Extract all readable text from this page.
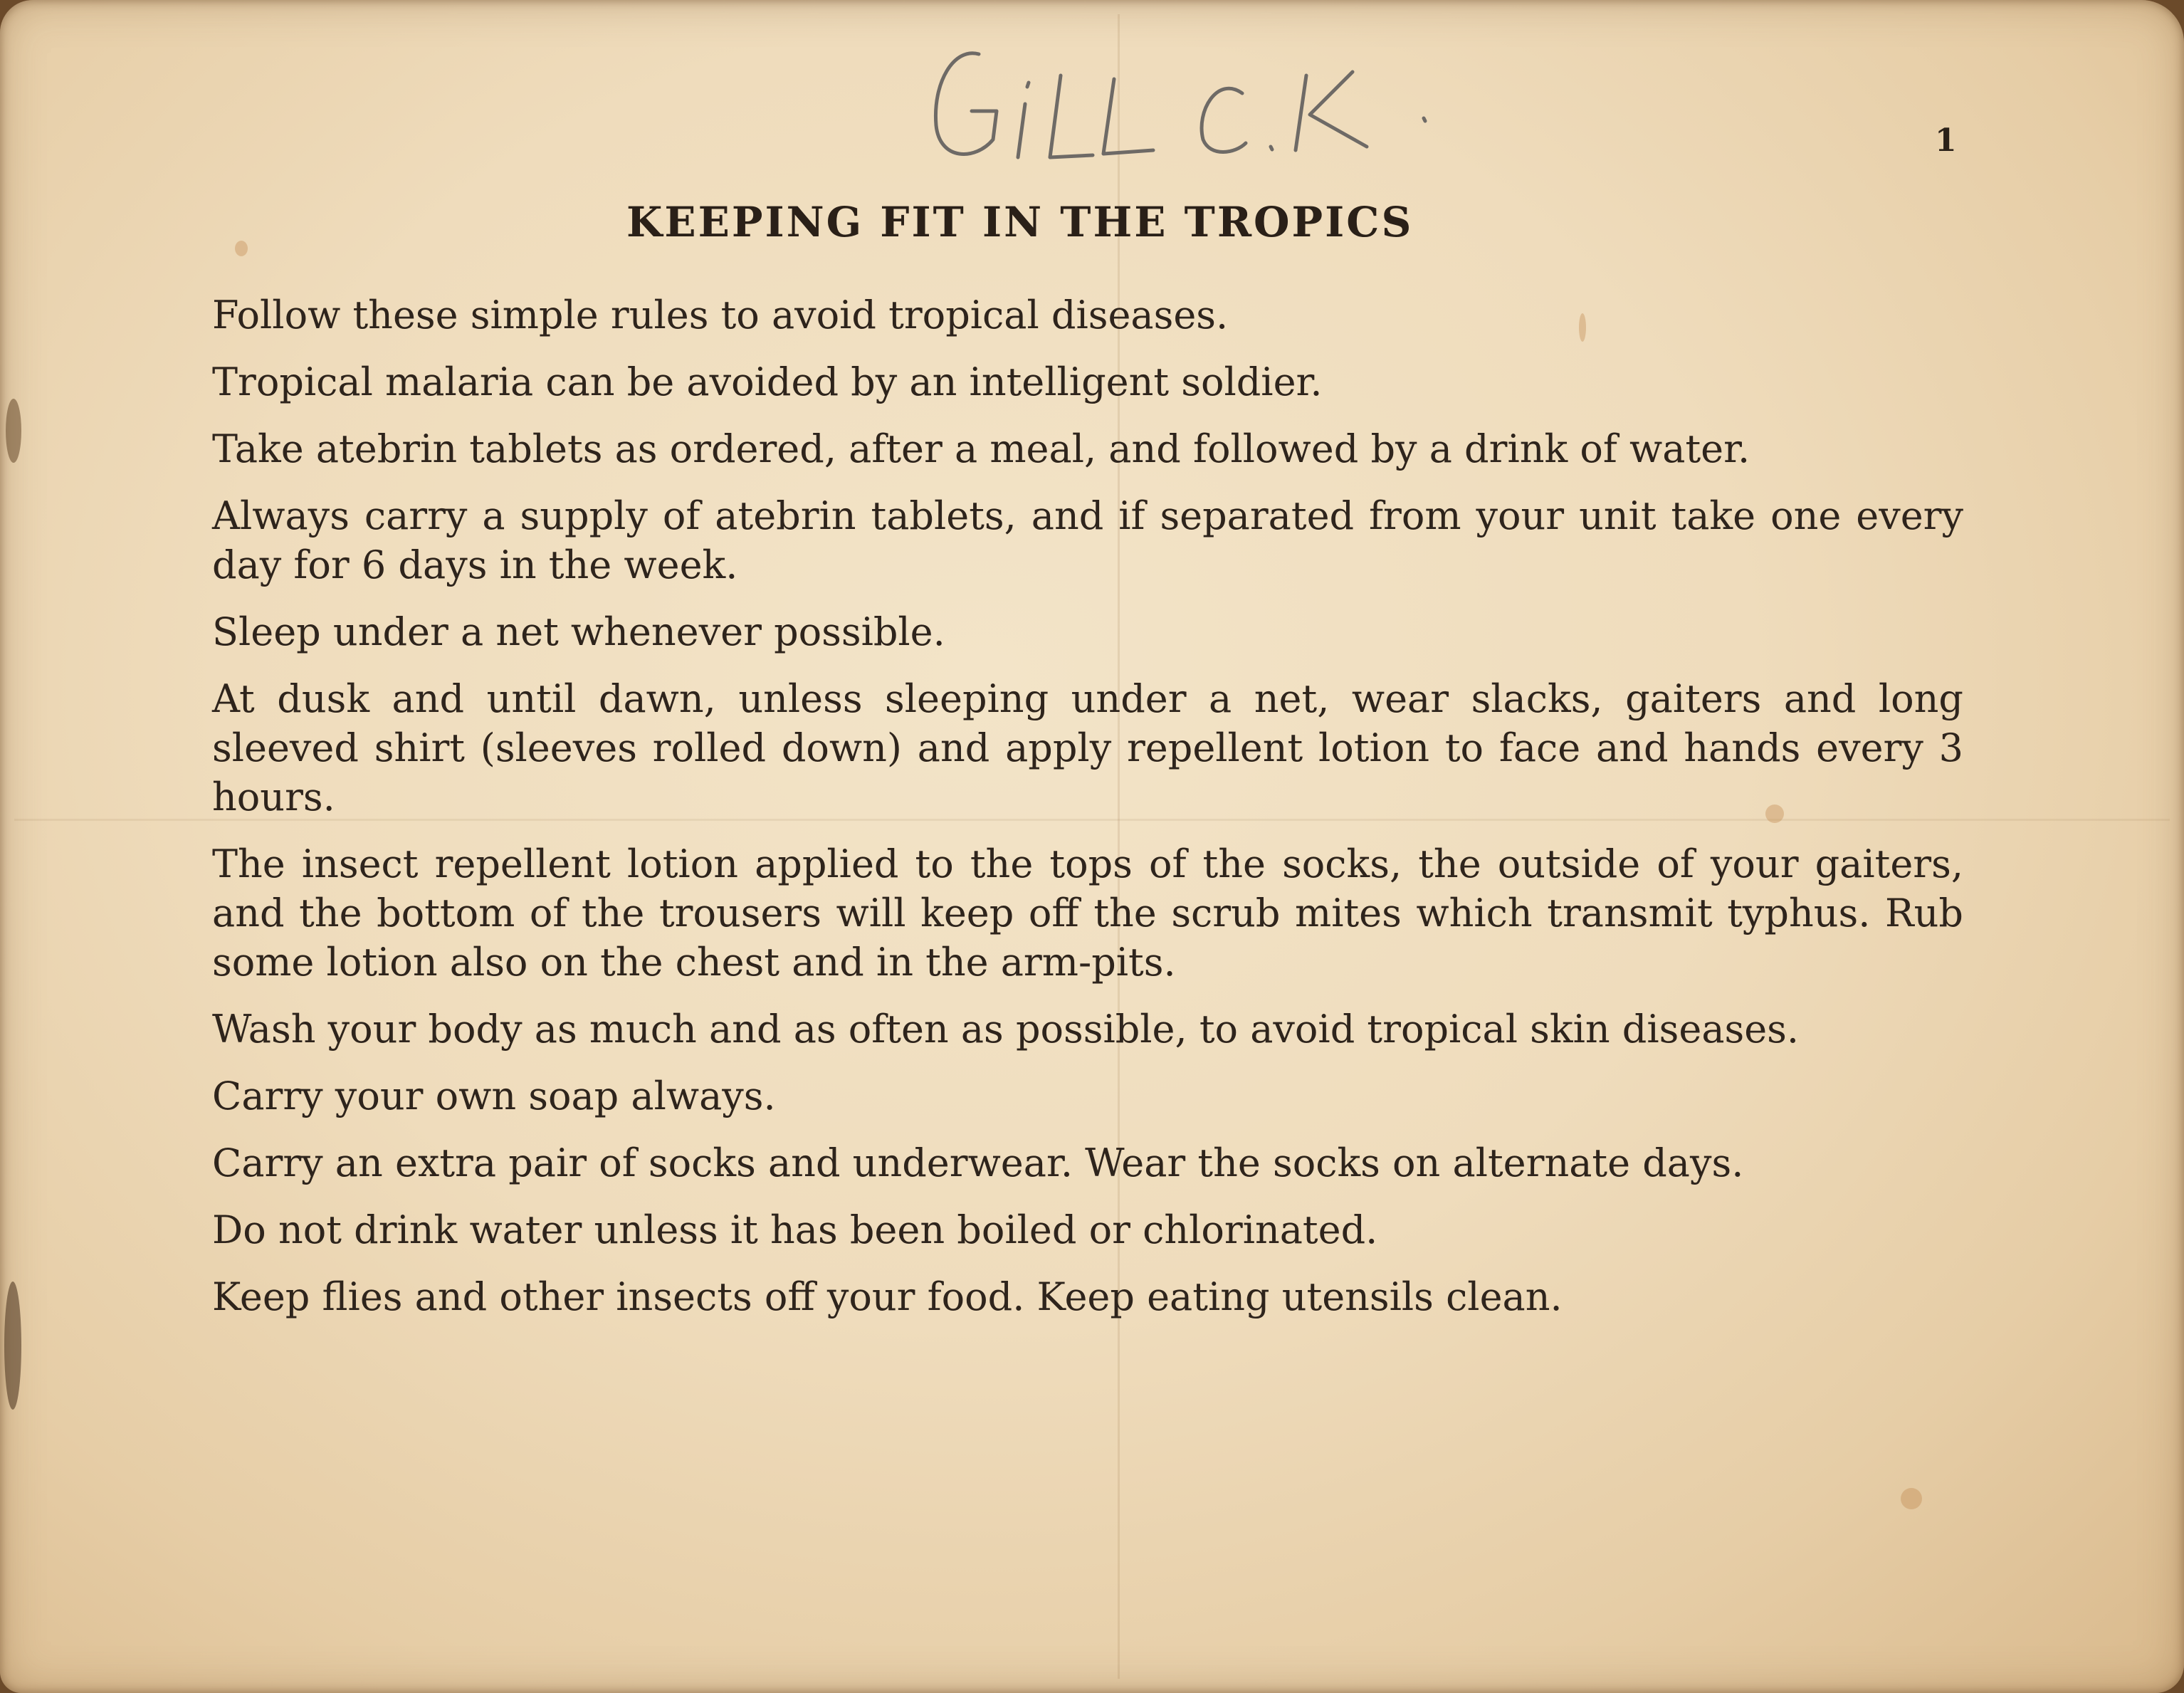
1
KEEPING FIT IN THE TROPICS

Follow these simple rules to avoid tropical diseases.

Tropical malaria can be avoided by an intelligent soldier.

Take atebrin tablets as ordered, after a meal, and followed by a drink of water.

Always carry a supply of atebrin tablets, and if separated from your unit take one every day for 6 days in the week.

Sleep under a net whenever possible.

At dusk and until dawn, unless sleeping under a net, wear slacks, gaiters and long sleeved shirt (sleeves rolled down) and apply repellent lotion to face and hands every 3 hours.

The insect repellent lotion applied to the tops of the socks, the outside of your gaiters, and the bottom of the trousers will keep off the scrub mites which transmit typhus. Rub some lotion also on the chest and in the arm-pits.

Wash your body as much and as often as possible, to avoid tropical skin diseases.

Carry your own soap always.

Carry an extra pair of socks and underwear. Wear the socks on alternate days.

Do not drink water unless it has been boiled or chlorinated.

Keep flies and other insects off your food. Keep eating utensils clean.
